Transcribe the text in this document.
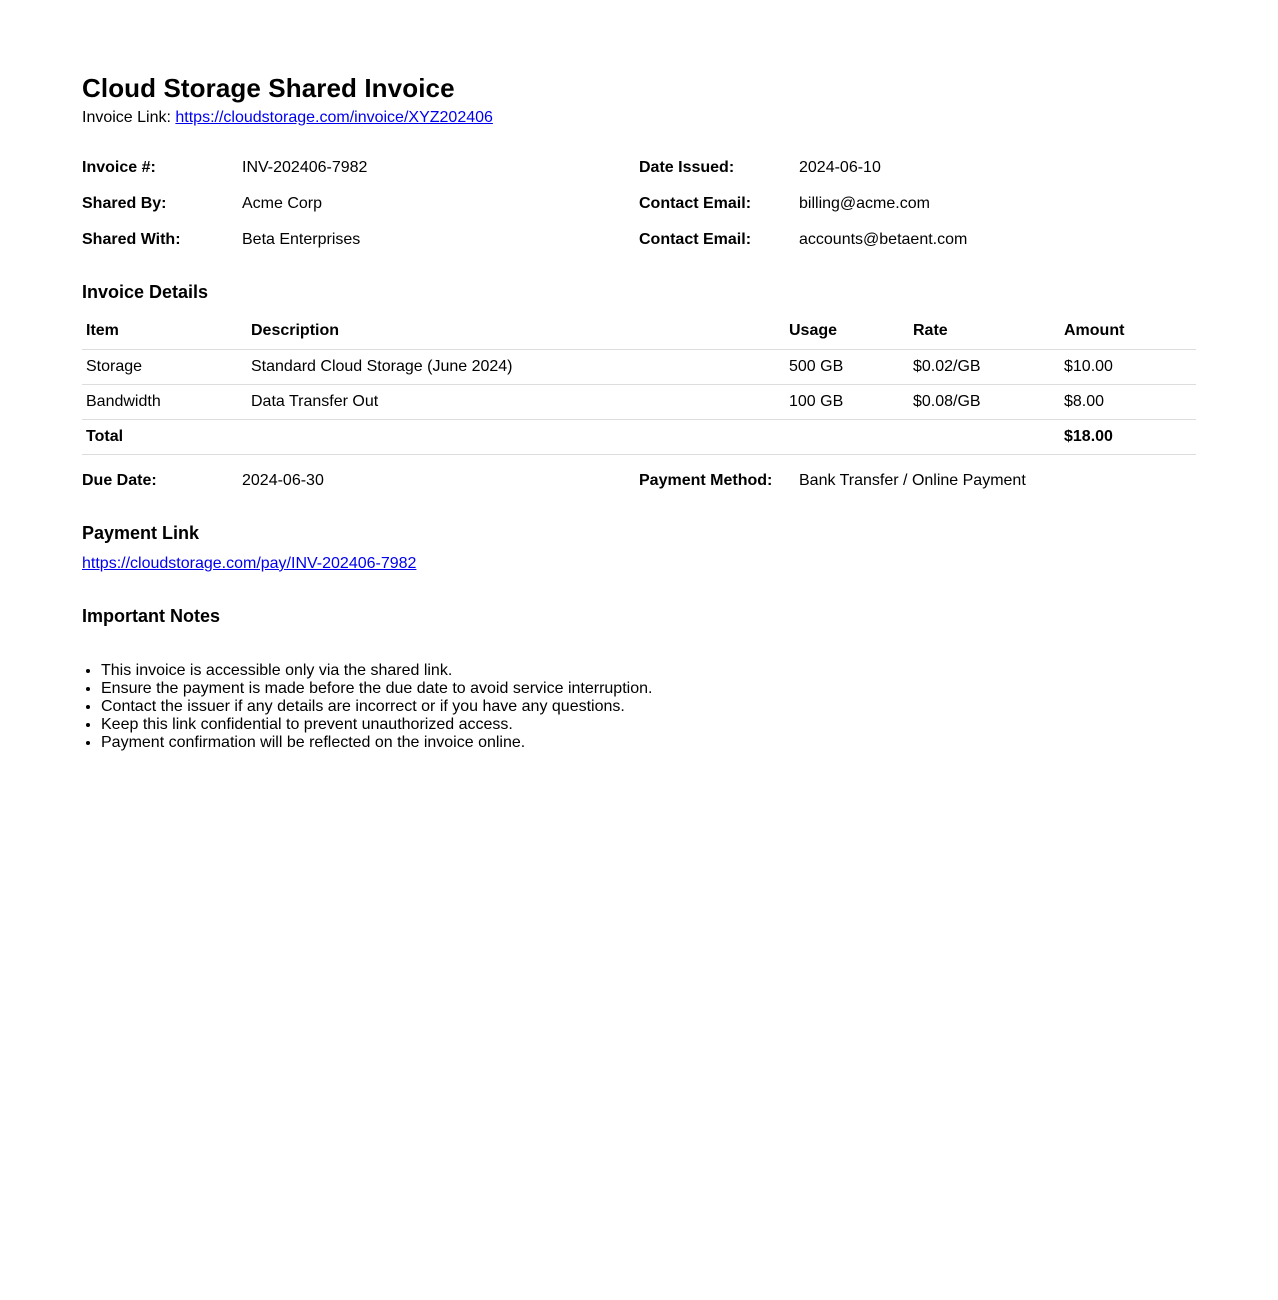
Cloud Storage Shared Invoice
Invoice Link: https://cloudstorage.com/invoice/XYZ202406
Invoice #:	INV-202406-7982	Date Issued:	2024-06-10
Shared By:	Acme Corp	Contact Email:	billing@acme.com
Shared With:	Beta Enterprises	Contact Email:	accounts@betaent.com
Invoice Details
Item	Description	Usage	Rate	Amount
Storage	Standard Cloud Storage (June 2024)	500 GB	$0.02/GB	$10.00
Bandwidth	Data Transfer Out	100 GB	$0.08/GB	$8.00
Total				$18.00
Due Date:	2024-06-30	Payment Method: Bank Transfer / Online Payment
Payment Link
https://cloudstorage.com/pay/INV-202406-7982
Important Notes
• This invoice is accessible only via the shared link.
• Ensure the payment is made before the due date to avoid service interruption.
• Contact the issuer if any details are incorrect or if you have any questions.
• Keep this link confidential to prevent unauthorized access.
• Payment confirmation will be reflected on the invoice online.
